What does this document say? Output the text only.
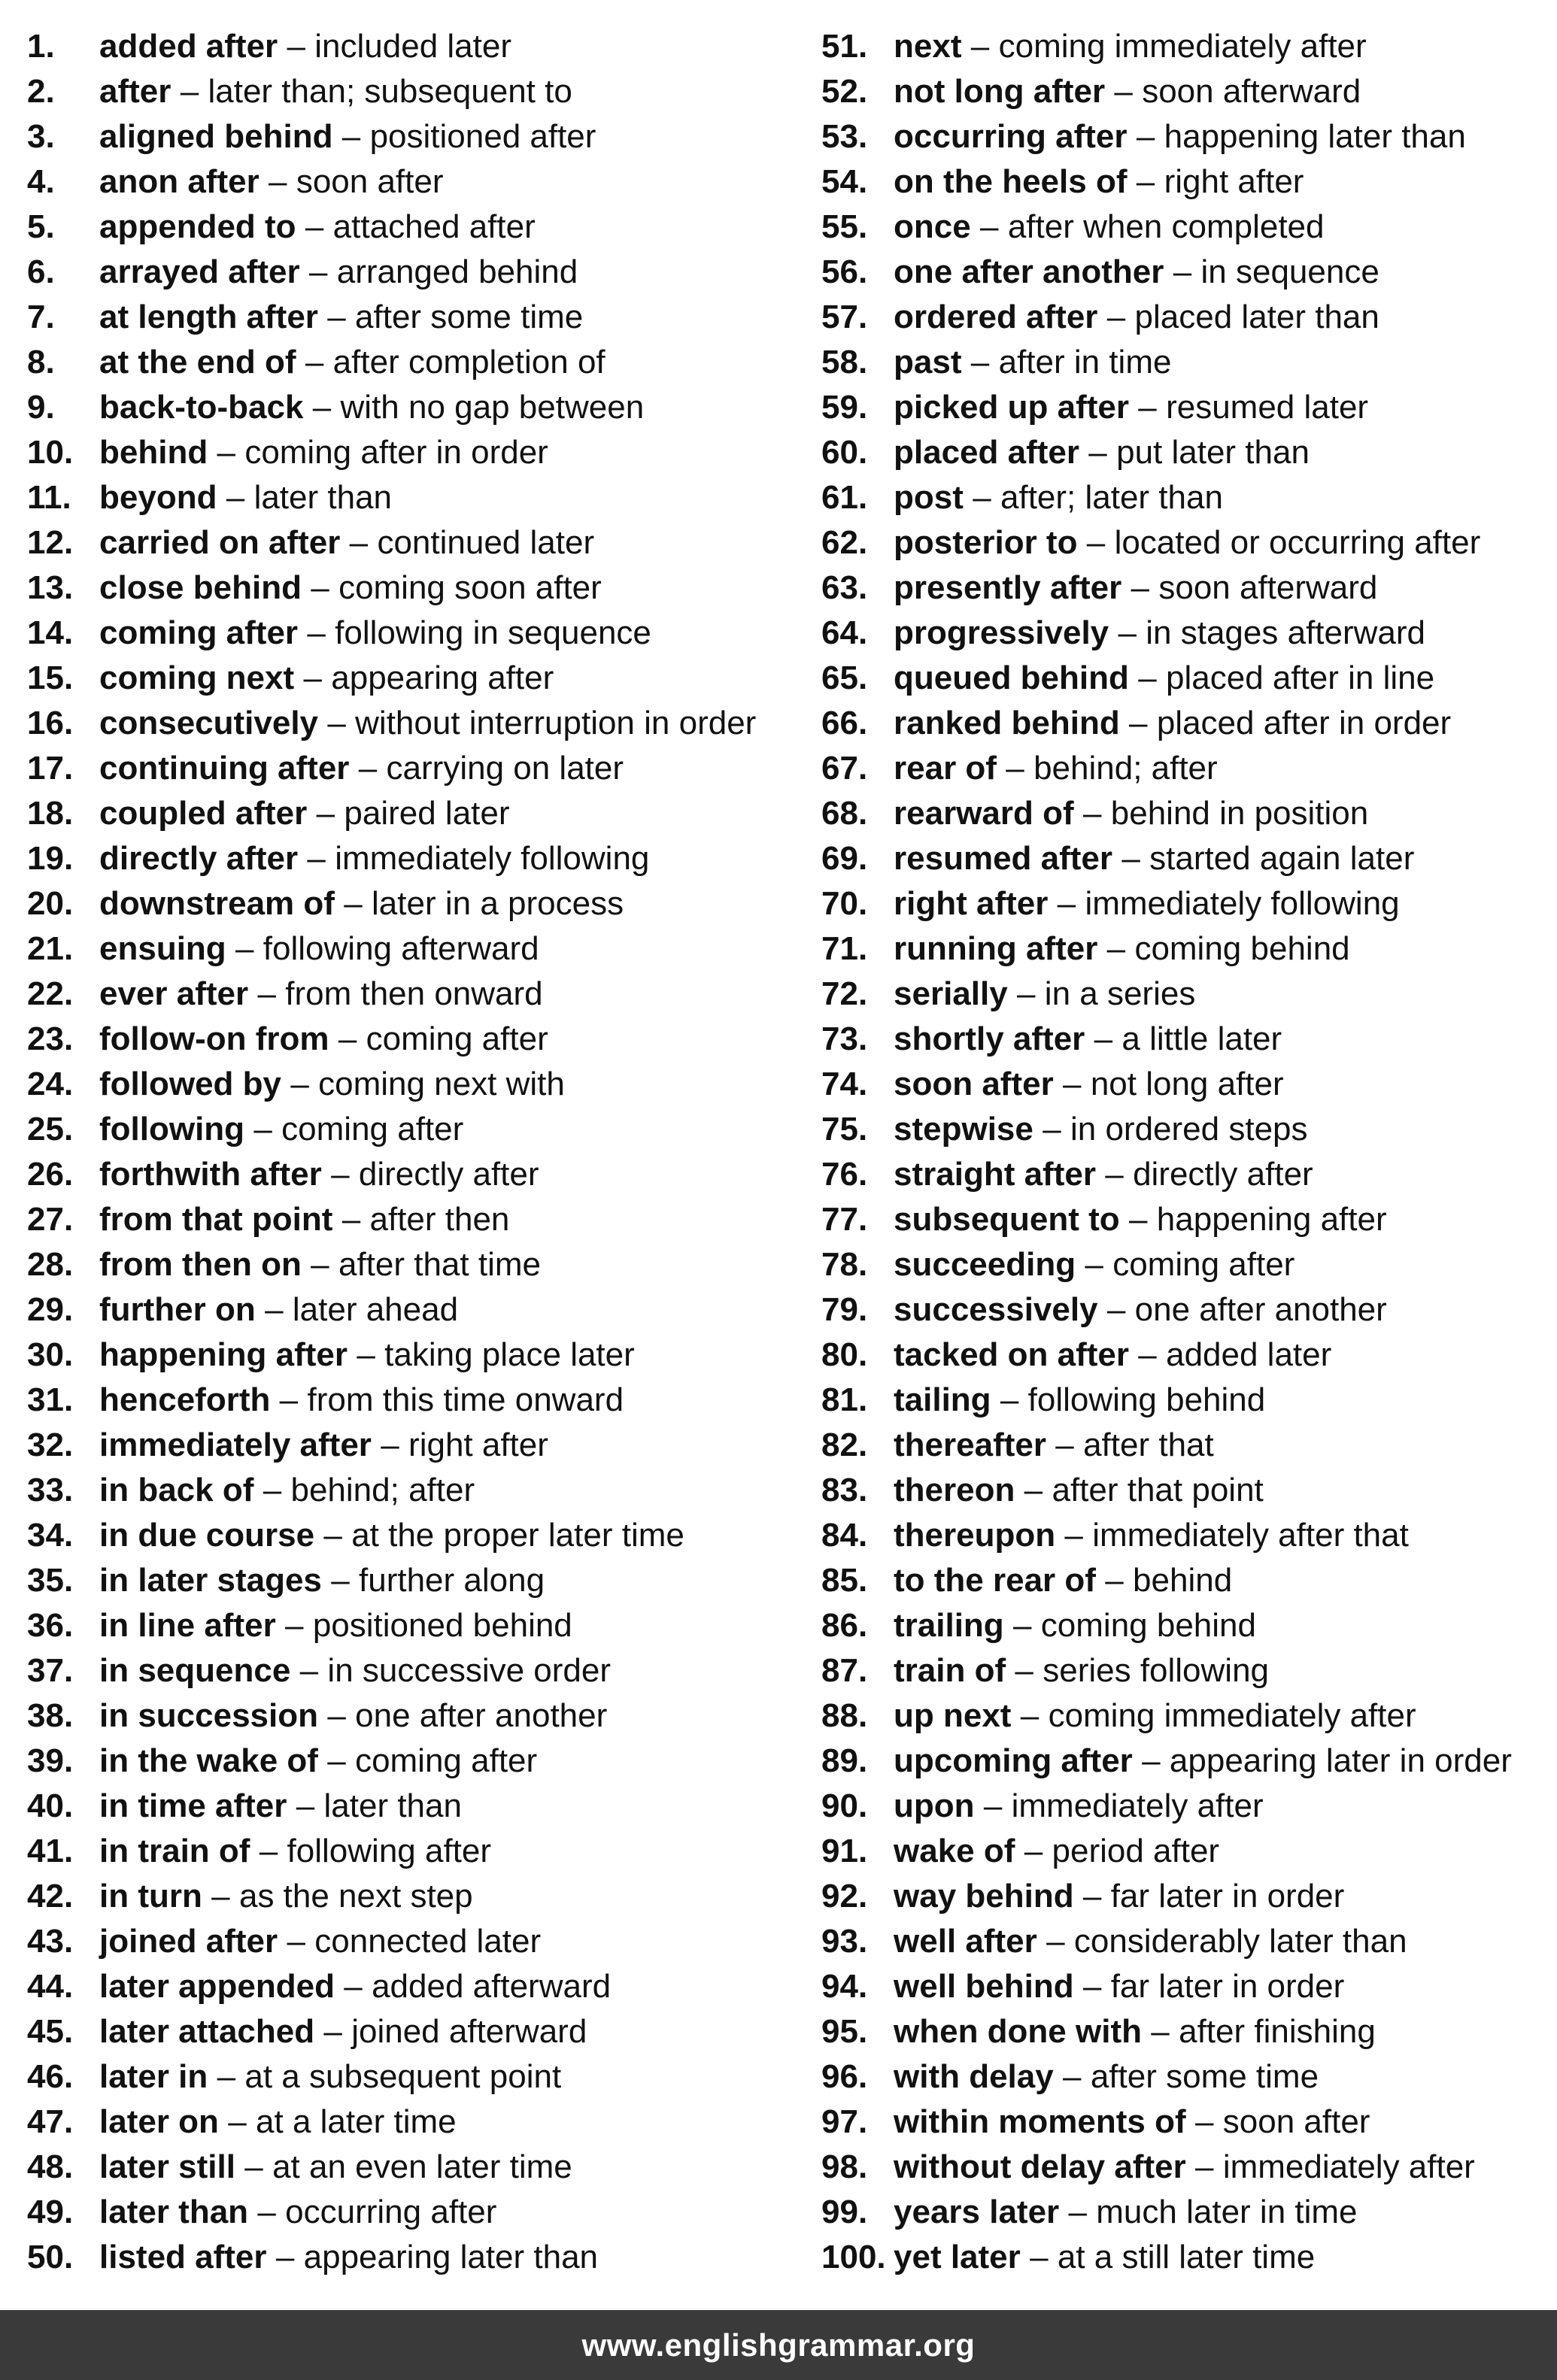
1.	added after – included later
2.	after – later than; subsequent to
3.	aligned behind – positioned after
4.	anon after – soon after
5.	appended to – attached after
6.	arrayed after – arranged behind
7.	at length after – after some time
8.	at the end of – after completion of
9.	back-to-back – with no gap between
10. behind – coming after in order
11. beyond – later than
12. carried on after – continued later
13. close behind – coming soon after
14. coming after – following in sequence
15. coming next – appearing after
16. consecutively – without interruption in order
17. continuing after – carrying on later
18. coupled after – paired later
19. directly after – immediately following
20. downstream of – later in a process
21. ensuing – following afterward
22. ever after – from then onward
23. follow-on from – coming after
24. followed by – coming next with
25. following – coming after
26. forthwith after – directly after
27. from that point – after then
28. from then on – after that time
29. further on – later ahead
30. happening after – taking place later
31. henceforth – from this time onward
32. immediately after – right after
33. in back of – behind; after
34. in due course – at the proper later time
35. in later stages – further along
36. in line after – positioned behind
37. in sequence – in successive order
38. in succession – one after another
39. in the wake of – coming after
40. in time after – later than
41. in train of – following after
42. in turn – as the next step
43. joined after – connected later
44. later appended – added afterward
45. later attached – joined afterward
46. later in – at a subsequent point
47. later on – at a later time
48. later still – at an even later time
49. later than – occurring after
50. listed after – appearing later than
51. next – coming immediately after
52. not long after – soon afterward
53. occurring after – happening later than
54. on the heels of – right after
55. once – after when completed
56. one after another – in sequence
57. ordered after – placed later than
58. past – after in time
59. picked up after – resumed later
60. placed after – put later than
61. post – after; later than
62. posterior to – located or occurring after
63. presently after – soon afterward
64. progressively – in stages afterward
65. queued behind – placed after in line
66. ranked behind – placed after in order
67. rear of – behind; after
68. rearward of – behind in position
69. resumed after – started again later
70. right after – immediately following
71. running after – coming behind
72. serially – in a series
73. shortly after – a little later
74. soon after – not long after
75. stepwise – in ordered steps
76. straight after – directly after
77. subsequent to – happening after
78. succeeding – coming after
79. successively – one after another
80. tacked on after – added later
81. tailing – following behind
82. thereafter – after that
83. thereon – after that point
84. thereupon – immediately after that
85. to the rear of – behind
86. trailing – coming behind
87. train of – series following
88. up next – coming immediately after
89. upcoming after – appearing later in order
90. upon – immediately after
91. wake of – period after
92. way behind – far later in order
93. well after – considerably later than
94. well behind – far later in order
95. when done with – after finishing
96. with delay – after some time
97. within moments of – soon after
98. without delay after – immediately after
99. years later – much later in time
100. yet later – at a still later time
www.englishgrammar.org
